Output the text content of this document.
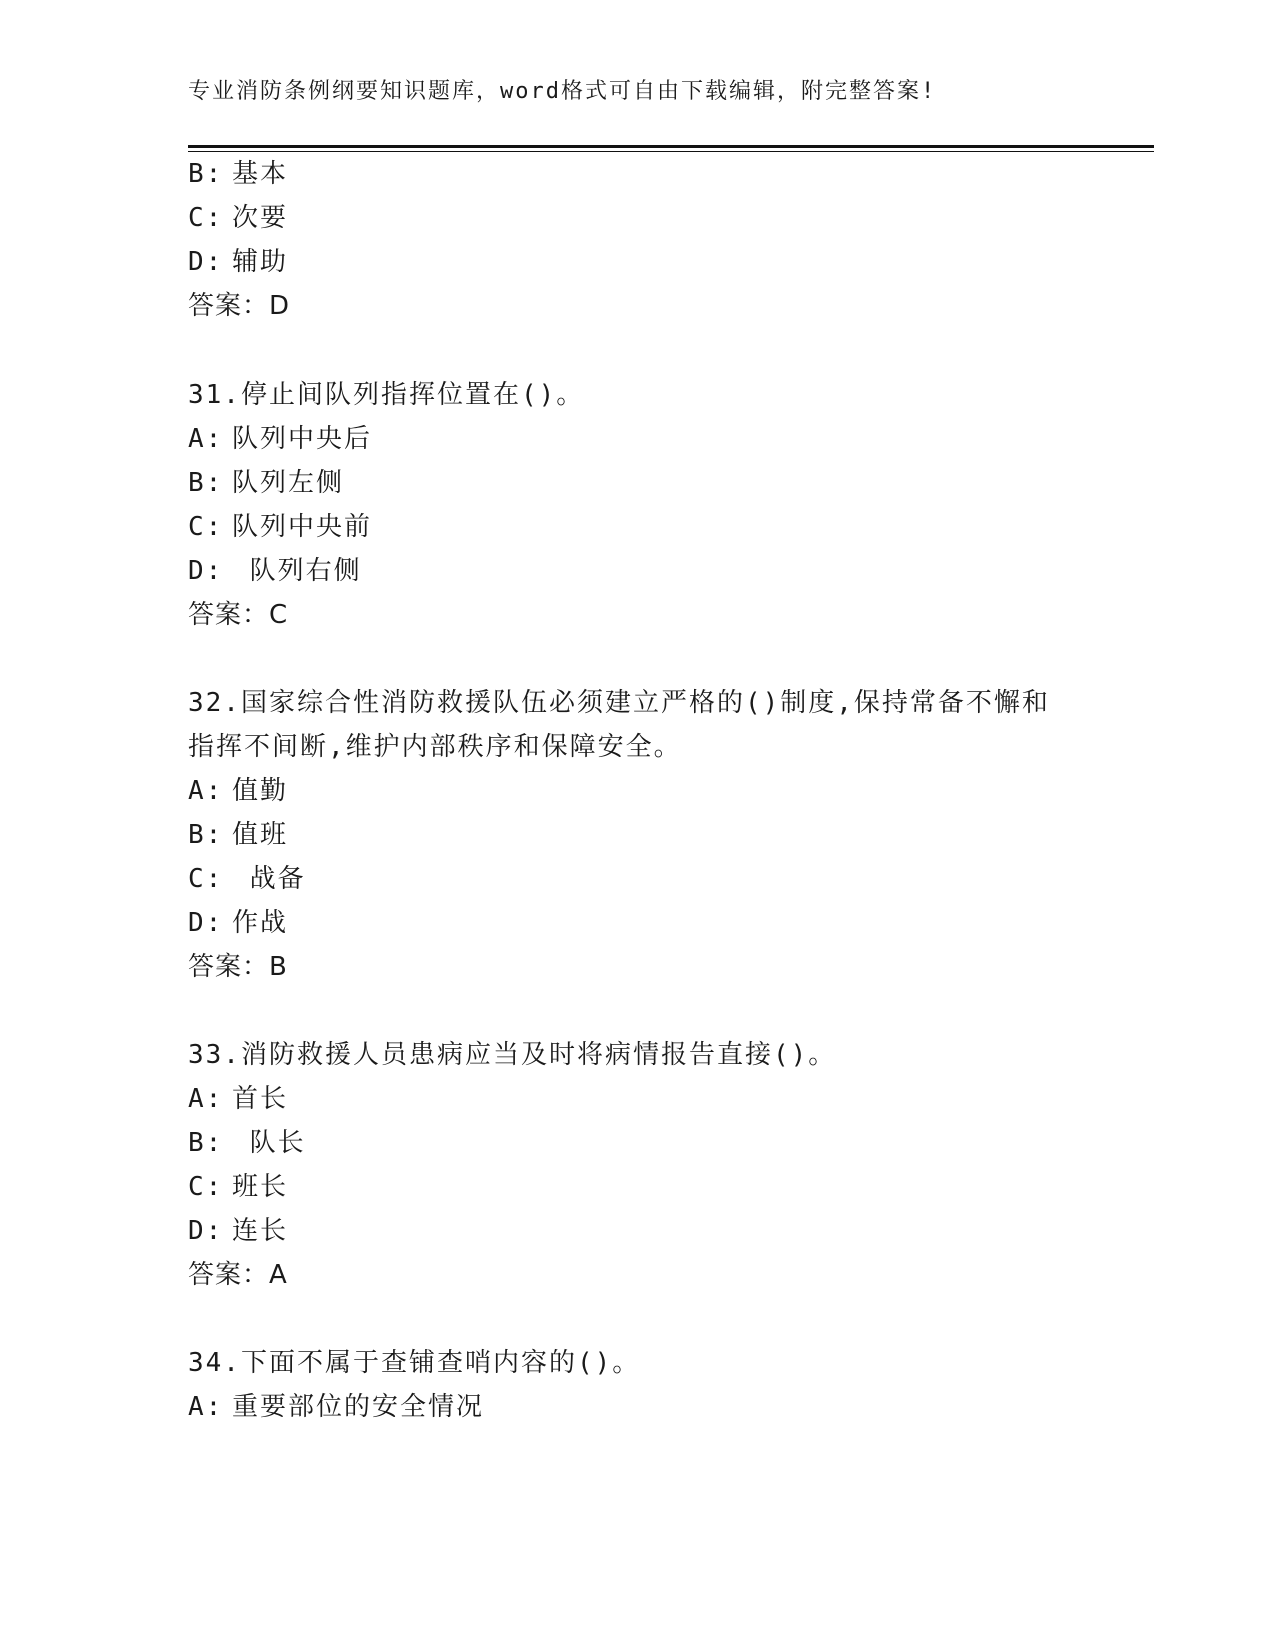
专业消防条例纲要知识题库，word格式可自由下载编辑，附完整答案!
B: 基本
C: 次要
D: 辅助
答案：D
31.停止间队列指挥位置在()。
A: 队列中央后
B: 队列左侧
C: 队列中央前
D: 队列右侧
答案：C
32.国家综合性消防救援队伍必须建立严格的()制度,保持常备不懈和
指挥不间断,维护内部秩序和保障安全。
A: 值勤
B: 值班
C: 战备
D: 作战
答案：B
33.消防救援人员患病应当及时将病情报告直接()。
A: 首长
B: 队长
C: 班长
D: 连长
答案：A
34.下面不属于查铺查哨内容的()。
A: 重要部位的安全情况
